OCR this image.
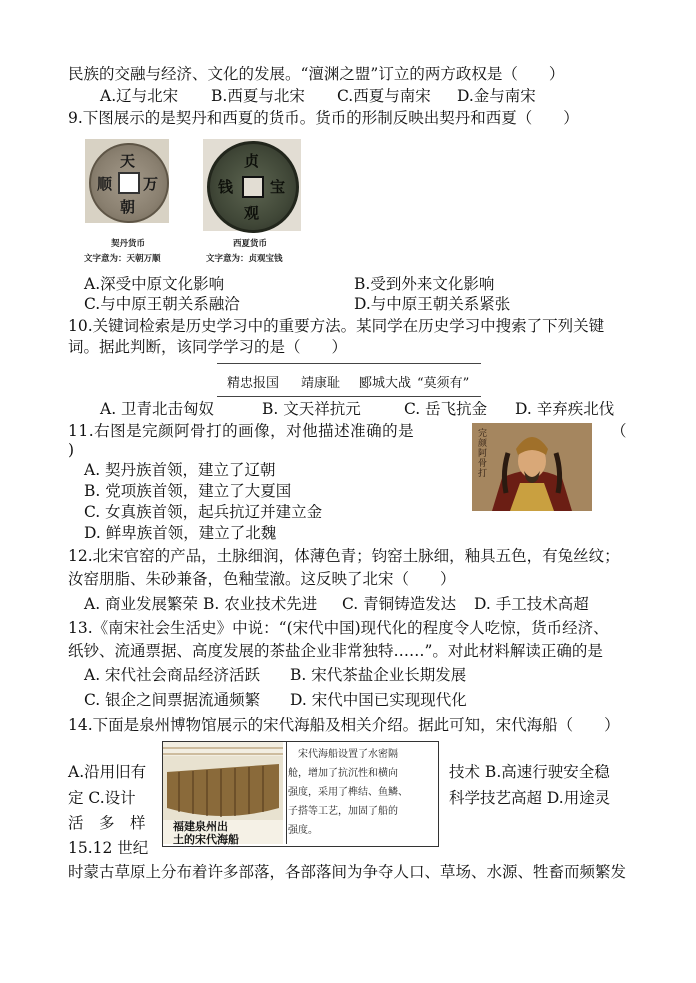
民族的交融与经济、文化的发展。“澶渊之盟”订立的两方政权是（　　）
A.辽与北宋 B.西夏与北宋 C.西夏与南宋 D.金与南宋
9.下图展示的是契丹和西夏的货币。货币的形制反映出契丹和西夏（　　）
天
朝
万
顺
契丹货币
文字意为：天朝万顺
贞
观
宝
钱
西夏货币
文字意为：贞观宝钱
A.深受中原文化影响	B.受到外来文化影响
C.与中原王朝关系融洽	D.与中原王朝关系紧张
10.关键词检索是历史学习中的重要方法。某同学在历史学习中搜索了下列关键
词。据此判断，该同学学习的是（　　）
精忠报国 靖康耻 郾城大战 “莫须有”
A. 卫青北击匈奴	B. 文天祥抗元	C. 岳飞抗金 D. 辛弃疾北伐
11.右图是完颜阿骨打的画像，对他描述准确的是	（
)
完颜阿骨打
A. 契丹族首领，建立了辽朝
B. 党项族首领，建立了大夏国
C. 女真族首领，起兵抗辽并建立金
D. 鲜卑族首领，建立了北魏
12.北宋官窑的产品，土脉细润，体薄色青；钧窑土脉细，釉具五色，有兔丝纹；
汝窑朋脂、朱砂兼备，色釉莹澈。这反映了北宋（　　）
A. 商业发展繁荣 B. 农业技术先进 C. 青铜铸造发达 D. 手工技术高超
13.《南宋社会生活史》中说：“(宋代中国)现代化的程度令人吃惊，货币经济、
纸钞、流通票据、高度发展的茶盐企业非常独特……”。对此材料解读正确的是
A. 宋代社会商品经济活跃 B. 宋代茶盐企业长期发展
C. 银企之间票据流通频繁 D. 宋代中国已实现现代化
14.下面是泉州博物馆展示的宋代海船及相关介绍。据此可知，宋代海船（　　）
福建泉州出
土的宋代海船
　宋代海船设置了水密隔
舱，增加了抗沉性和横向
强度，采用了榫结、鱼鳞、
子搭等工艺，加固了船的
强度。
A.沿用旧有
定 C.设计
活　多　样
技术 B.高速行驶安全稳
科学技艺高超 D.用途灵
15.12 世纪
时蒙古草原上分布着许多部落，各部落间为争夺人口、草场、水源、牲畜而频繁发
